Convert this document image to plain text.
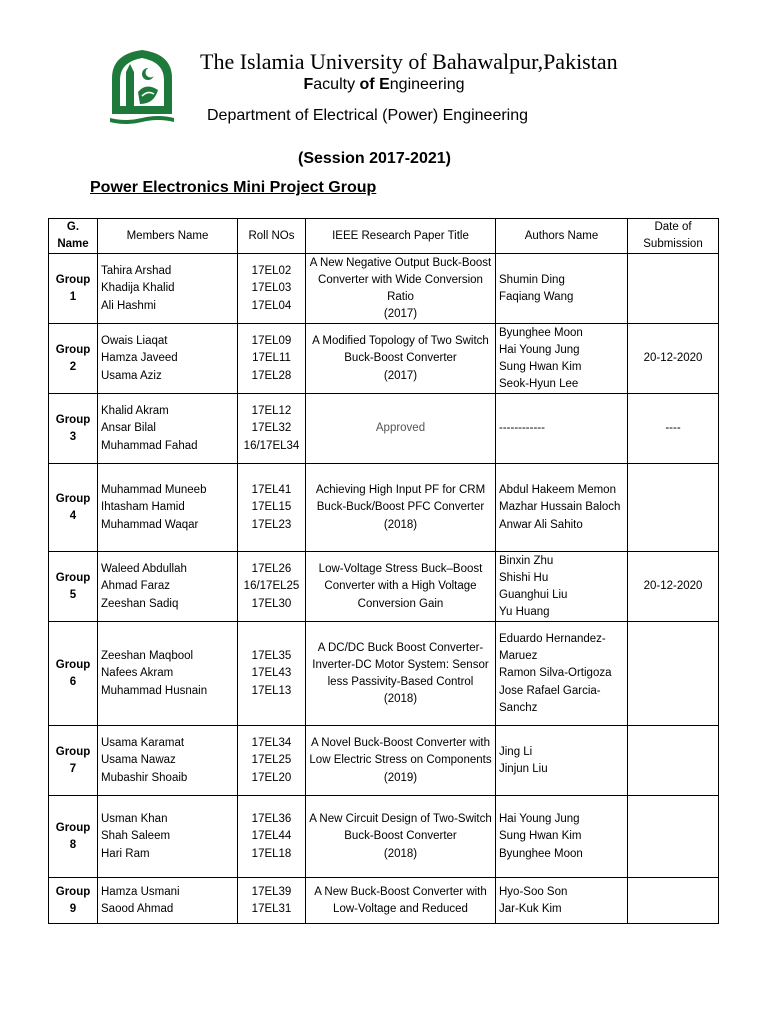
The Islamia University of Bahawalpur,Pakistan
Faculty of Engineering
Department of Electrical (Power) Engineering
(Session 2017-2021)
Power Electronics Mini Project Group
G. Name	Members Name	Roll NOs	IEEE Research Paper Title	Authors Name	Date of Submission
Group 1	Tahira Arshad
Khadija Khalid
Ali Hashmi	17EL02
17EL03
17EL04	A New Negative Output Buck-Boost Converter with Wide Conversion Ratio
(2017)	Shumin Ding
Faqiang Wang	

Group 2	Owais Liaqat
Hamza Javeed
Usama Aziz	17EL09
17EL11
17EL28	A Modified Topology of Two Switch Buck-Boost Converter
(2017)	Byunghee Moon
Hai Young Jung
Sung Hwan Kim
Seok-Hyun Lee	20-12-2020
Group 3	Khalid Akram
Ansar Bilal
Muhammad Fahad	17EL12
17EL32
16/17EL34	Approved	------------	----
Group 4	Muhammad Muneeb
Ihtasham Hamid
Muhammad Waqar	17EL41
17EL15
17EL23	Achieving High Input PF for CRM Buck-Buck/Boost PFC Converter
(2018)	Abdul Hakeem Memon
Mazhar Hussain Baloch
Anwar Ali Sahito	

Group 5	Waleed Abdullah
Ahmad Faraz
Zeeshan Sadiq	17EL26
16/17EL25
17EL30	Low-Voltage Stress Buck–Boost Converter with a High Voltage Conversion Gain	Binxin Zhu
Shishi Hu
Guanghui Liu
Yu Huang	20-12-2020
Group 6	Zeeshan Maqbool
Nafees Akram
Muhammad Husnain	17EL35
17EL43
17EL13	A DC/DC Buck Boost Converter-Inverter-DC Motor System: Sensor less Passivity-Based Control
(2018)	Eduardo Hernandez-Maruez
Ramon Silva-Ortigoza
Jose Rafael Garcia-Sanchz	

Group 7	Usama Karamat
Usama Nawaz
Mubashir Shoaib	17EL34
17EL25
17EL20	A Novel Buck-Boost Converter with Low Electric Stress on Components
(2019)	Jing Li
Jinjun Liu	

Group 8	Usman Khan
Shah Saleem
Hari Ram	17EL36
17EL44
17EL18	A New Circuit Design of Two-Switch Buck-Boost Converter
(2018)	Hai Young Jung
Sung Hwan Kim
Byunghee Moon	

Group 9	Hamza Usmani
Saood Ahmad	17EL39
17EL31	A New Buck-Boost Converter with Low-Voltage and Reduced	Hyo-Soo Son
Jar-Kuk Kim	
